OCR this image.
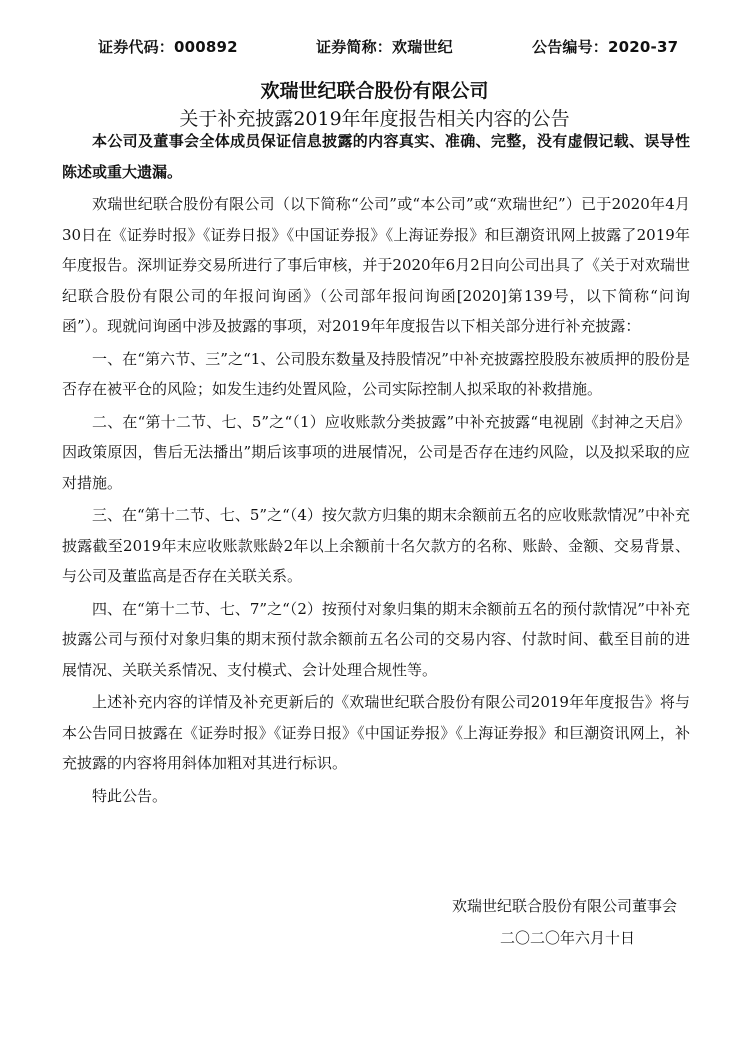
证券代码：000892	证券简称：欢瑞世纪	公告编号：2020-37
欢瑞世纪联合股份有限公司
关于补充披露2019年年度报告相关内容的公告

本公司及董事会全体成员保证信息披露的内容真实、准确、完整，没有虚假记载、误导性陈述或重大遗漏。

欢瑞世纪联合股份有限公司（以下简称“公司”或“本公司”或“欢瑞世纪”）已于2020年4月30日在《证券时报》《证券日报》《中国证券报》《上海证券报》和巨潮资讯网上披露了2019年年度报告。深圳证券交易所进行了事后审核，并于2020年6月2日向公司出具了《关于对欢瑞世纪联合股份有限公司的年报问询函》（公司部年报问询函[2020]第139号，以下简称“问询函”）。现就问询函中涉及披露的事项，对2019年年度报告以下相关部分进行补充披露：

一、在“第六节、三”之“1、公司股东数量及持股情况”中补充披露控股股东被质押的股份是否存在被平仓的风险；如发生违约处置风险，公司实际控制人拟采取的补救措施。

二、在“第十二节、七、5”之“（1）应收账款分类披露”中补充披露“电视剧《封神之天启》因政策原因，售后无法播出”期后该事项的进展情况，公司是否存在违约风险，以及拟采取的应对措施。

三、在“第十二节、七、5”之“（4）按欠款方归集的期末余额前五名的应收账款情况”中补充披露截至2019年末应收账款账龄2年以上余额前十名欠款方的名称、账龄、金额、交易背景、与公司及董监高是否存在关联关系。

四、在“第十二节、七、7”之“（2）按预付对象归集的期末余额前五名的预付款情况”中补充披露公司与预付对象归集的期末预付款余额前五名公司的交易内容、付款时间、截至目前的进展情况、关联关系情况、支付模式、会计处理合规性等。

上述补充内容的详情及补充更新后的《欢瑞世纪联合股份有限公司2019年年度报告》将与本公告同日披露在《证券时报》《证券日报》《中国证券报》《上海证券报》和巨潮资讯网上，补充披露的内容将用斜体加粗对其进行标识。

特此公告。

欢瑞世纪联合股份有限公司董事会
二〇二〇年六月十日
